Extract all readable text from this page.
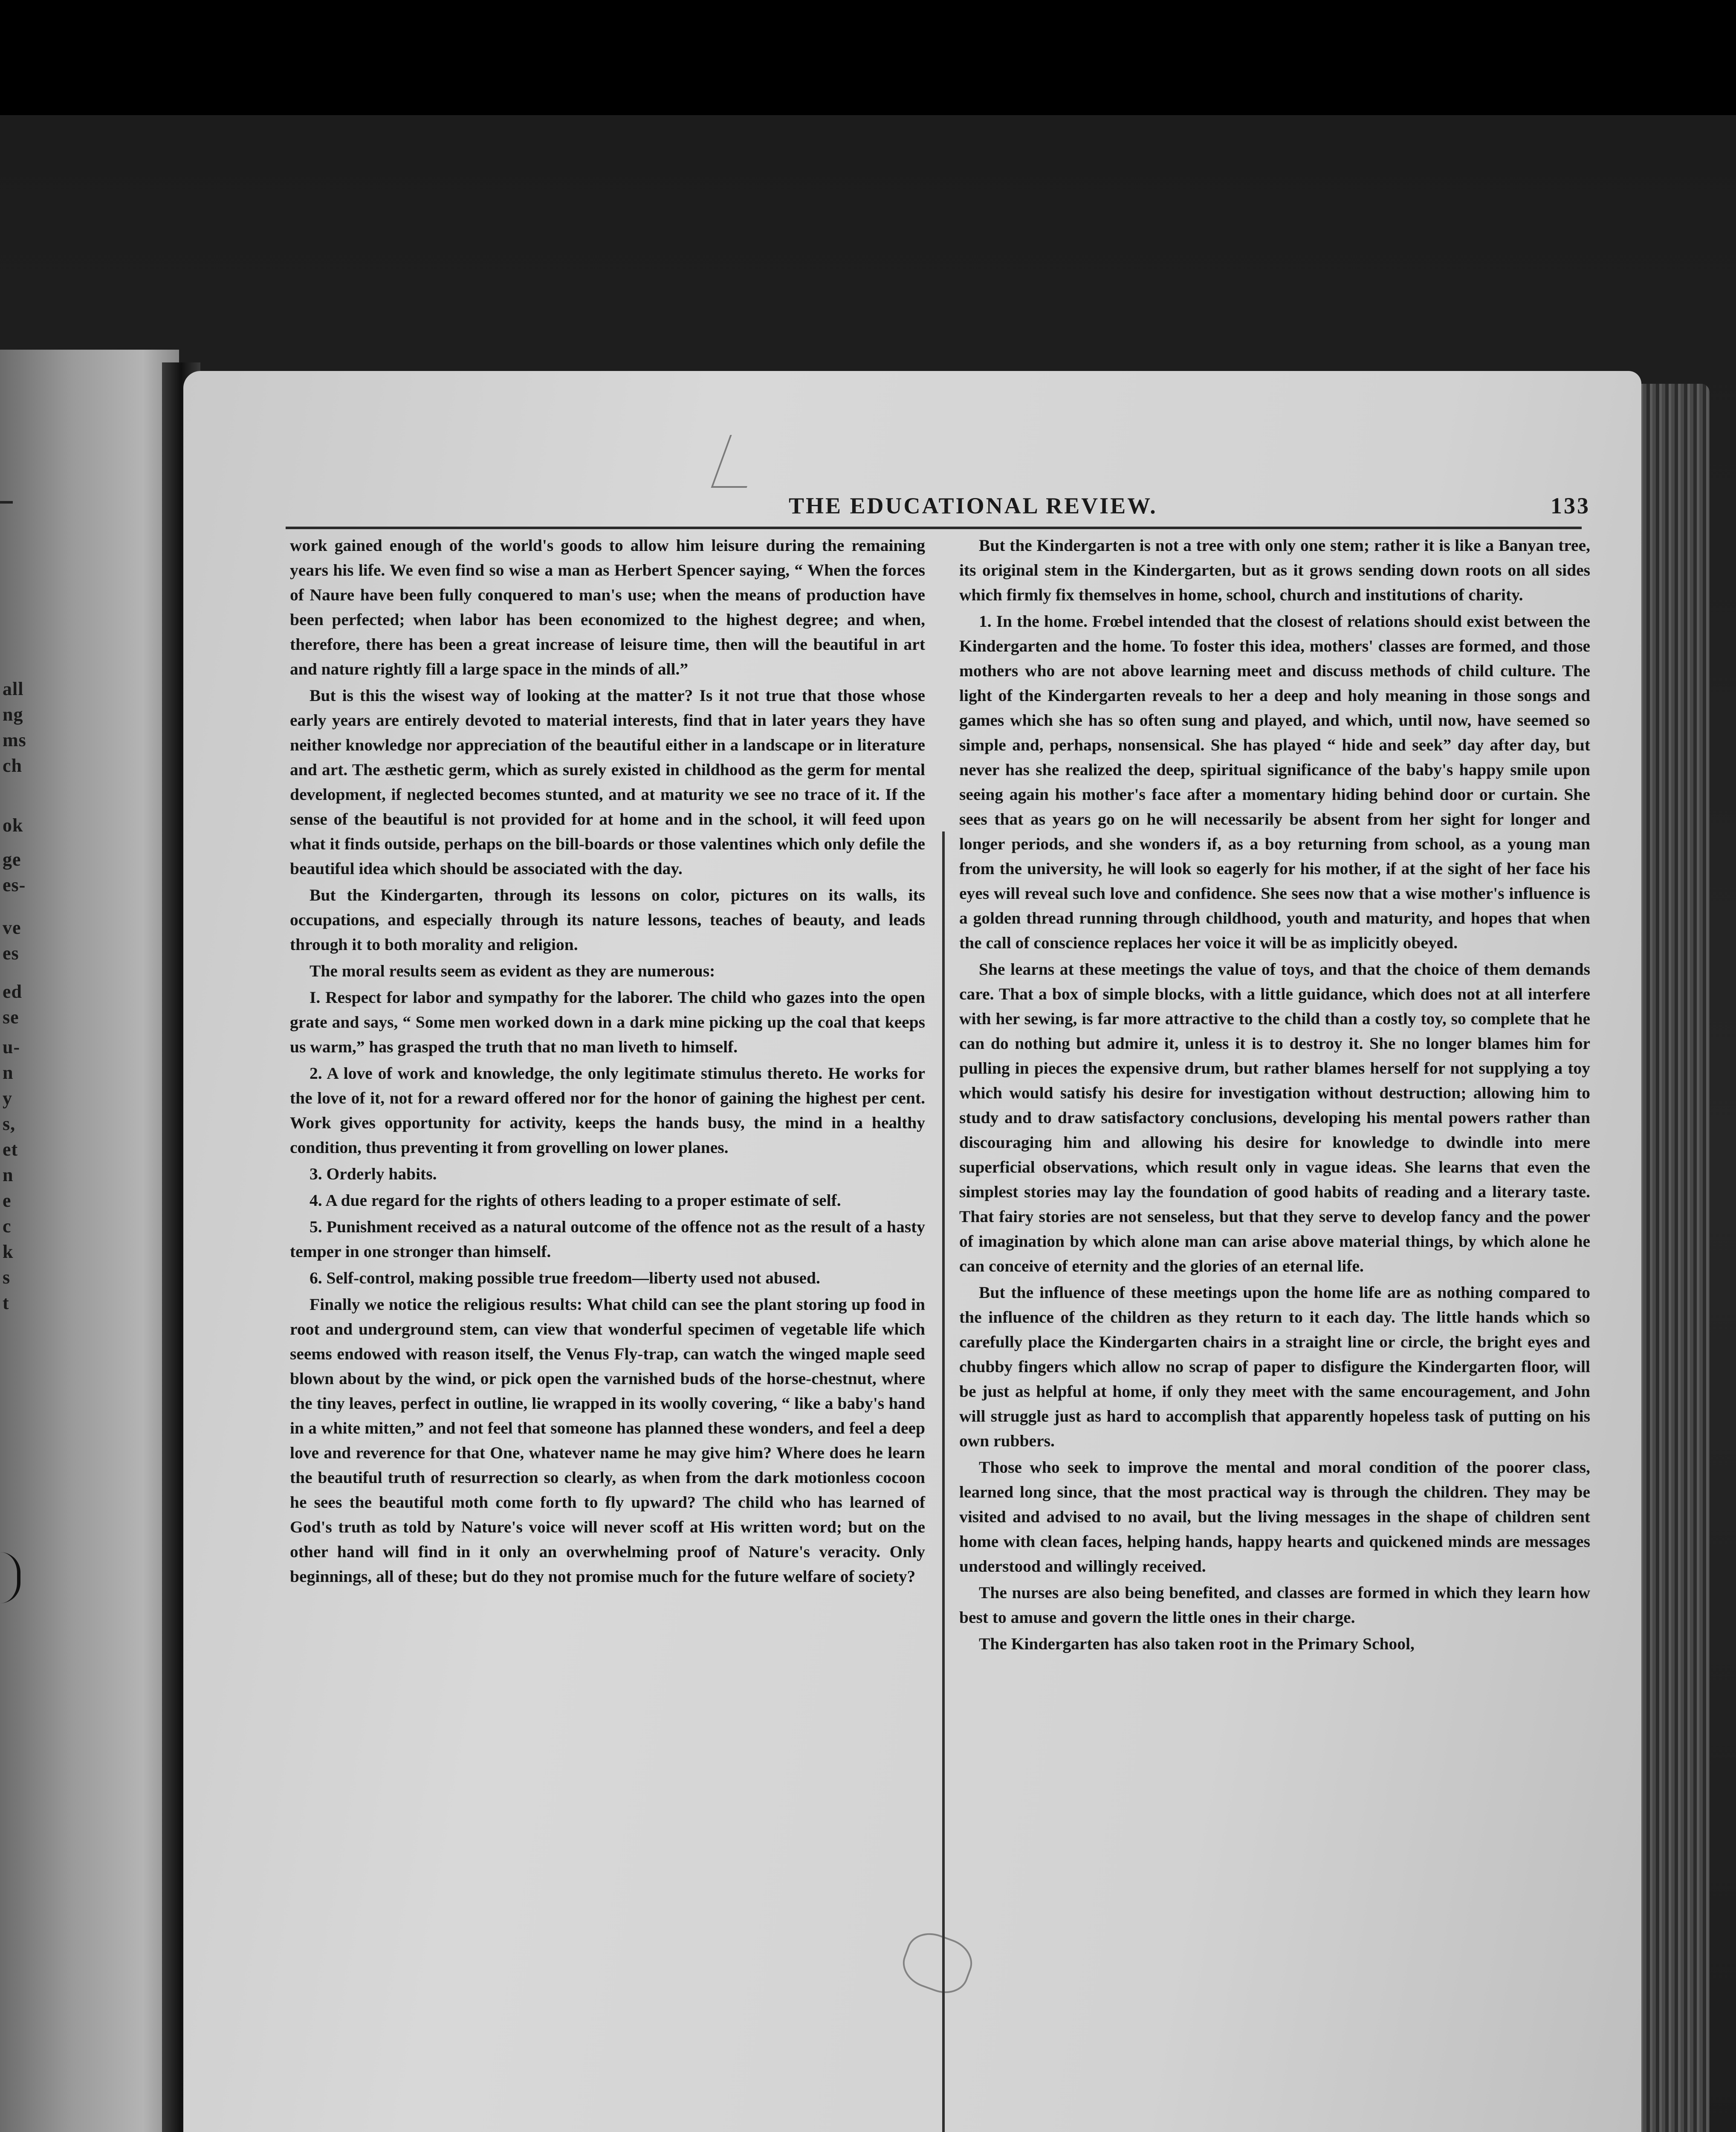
all
ng
ms
ch
ok
ge
es-
ve
es
ed
se
u-
n
y
s,
et
n
e
c
k
s
t
THE EDUCATIONAL REVIEW.	133

work gained enough of the world's goods to allow him leisure during the remaining years his life. We even find so wise a man as Herbert Spencer saying, “ When the forces of Naure have been fully conquered to man's use; when the means of production have been perfected; when labor has been economized to the highest degree; and when, therefore, there has been a great increase of leisure time, then will the beautiful in art and nature rightly fill a large space in the minds of all.”

But is this the wisest way of looking at the matter? Is it not true that those whose early years are entirely devoted to material interests, find that in later years they have neither knowledge nor appreciation of the beautiful either in a landscape or in literature and art. The æsthetic germ, which as surely existed in childhood as the germ for mental development, if neglected becomes stunted, and at maturity we see no trace of it. If the sense of the beautiful is not provided for at home and in the school, it will feed upon what it finds outside, perhaps on the bill-boards or those valentines which only defile the beautiful idea which should be associated with the day.

But the Kindergarten, through its lessons on color, pictures on its walls, its occupations, and especially through its nature lessons, teaches of beauty, and leads through it to both morality and religion.

The moral results seem as evident as they are numerous:

I. Respect for labor and sympathy for the laborer. The child who gazes into the open grate and says, “ Some men worked down in a dark mine picking up the coal that keeps us warm,” has grasped the truth that no man liveth to himself.

2. A love of work and knowledge, the only legitimate stimulus thereto. He works for the love of it, not for a reward offered nor for the honor of gaining the highest per cent. Work gives opportunity for activity, keeps the hands busy, the mind in a healthy condition, thus preventing it from grovelling on lower planes.

3. Orderly habits.

4. A due regard for the rights of others leading to a proper estimate of self.

5. Punishment received as a natural outcome of the offence not as the result of a hasty temper in one stronger than himself.

6. Self-control, making possible true freedom—liberty used not abused.

Finally we notice the religious results: What child can see the plant storing up food in root and underground stem, can view that wonderful specimen of vegetable life which seems endowed with reason itself, the Venus Fly-trap, can watch the winged maple seed blown about by the wind, or pick open the varnished buds of the horse-chestnut, where the tiny leaves, perfect in outline, lie wrapped in its woolly covering, “ like a baby's hand in a white mitten,” and not feel that someone has planned these wonders, and feel a deep love and reverence for that One, whatever name he may give him? Where does he learn the beautiful truth of resurrection so clearly, as when from the dark motionless cocoon he sees the beautiful moth come forth to fly upward? The child who has learned of God's truth as told by Nature's voice will never scoff at His written word; but on the other hand will find in it only an overwhelming proof of Nature's veracity. Only beginnings, all of these; but do they not promise much for the future welfare of society?

But the Kindergarten is not a tree with only one stem; rather it is like a Banyan tree, its original stem in the Kindergarten, but as it grows sending down roots on all sides which firmly fix themselves in home, school, church and institutions of charity.

1. In the home. Frœbel intended that the closest of relations should exist between the Kindergarten and the home. To foster this idea, mothers' classes are formed, and those mothers who are not above learning meet and discuss methods of child culture. The light of the Kindergarten reveals to her a deep and holy meaning in those songs and games which she has so often sung and played, and which, until now, have seemed so simple and, perhaps, nonsensical. She has played “ hide and seek” day after day, but never has she realized the deep, spiritual significance of the baby's happy smile upon seeing again his mother's face after a momentary hiding behind door or curtain. She sees that as years go on he will necessarily be absent from her sight for longer and longer periods, and she wonders if, as a boy returning from school, as a young man from the university, he will look so eagerly for his mother, if at the sight of her face his eyes will reveal such love and confidence. She sees now that a wise mother's influence is a golden thread running through childhood, youth and maturity, and hopes that when the call of conscience replaces her voice it will be as implicitly obeyed.

She learns at these meetings the value of toys, and that the choice of them demands care. That a box of simple blocks, with a little guidance, which does not at all interfere with her sewing, is far more attractive to the child than a costly toy, so complete that he can do nothing but admire it, unless it is to destroy it. She no longer blames him for pulling in pieces the expensive drum, but rather blames herself for not supplying a toy which would satisfy his desire for investigation without destruction; allowing him to study and to draw satisfactory conclusions, developing his mental powers rather than discouraging him and allowing his desire for knowledge to dwindle into mere superficial observations, which result only in vague ideas. She learns that even the simplest stories may lay the foundation of good habits of reading and a literary taste. That fairy stories are not senseless, but that they serve to develop fancy and the power of imagination by which alone man can arise above material things, by which alone he can conceive of eternity and the glories of an eternal life.

But the influence of these meetings upon the home life are as nothing compared to the influence of the children as they return to it each day. The little hands which so carefully place the Kindergarten chairs in a straight line or circle, the bright eyes and chubby fingers which allow no scrap of paper to disfigure the Kindergarten floor, will be just as helpful at home, if only they meet with the same encouragement, and John will struggle just as hard to accomplish that apparently hopeless task of putting on his own rubbers.

Those who seek to improve the mental and moral condition of the poorer class, learned long since, that the most practical way is through the children. They may be visited and advised to no avail, but the living messages in the shape of children sent home with clean faces, helping hands, happy hearts and quickened minds are messages understood and willingly received.

The nurses are also being benefited, and classes are formed in which they learn how best to amuse and govern the little ones in their charge.

The Kindergarten has also taken root in the Primary School,
